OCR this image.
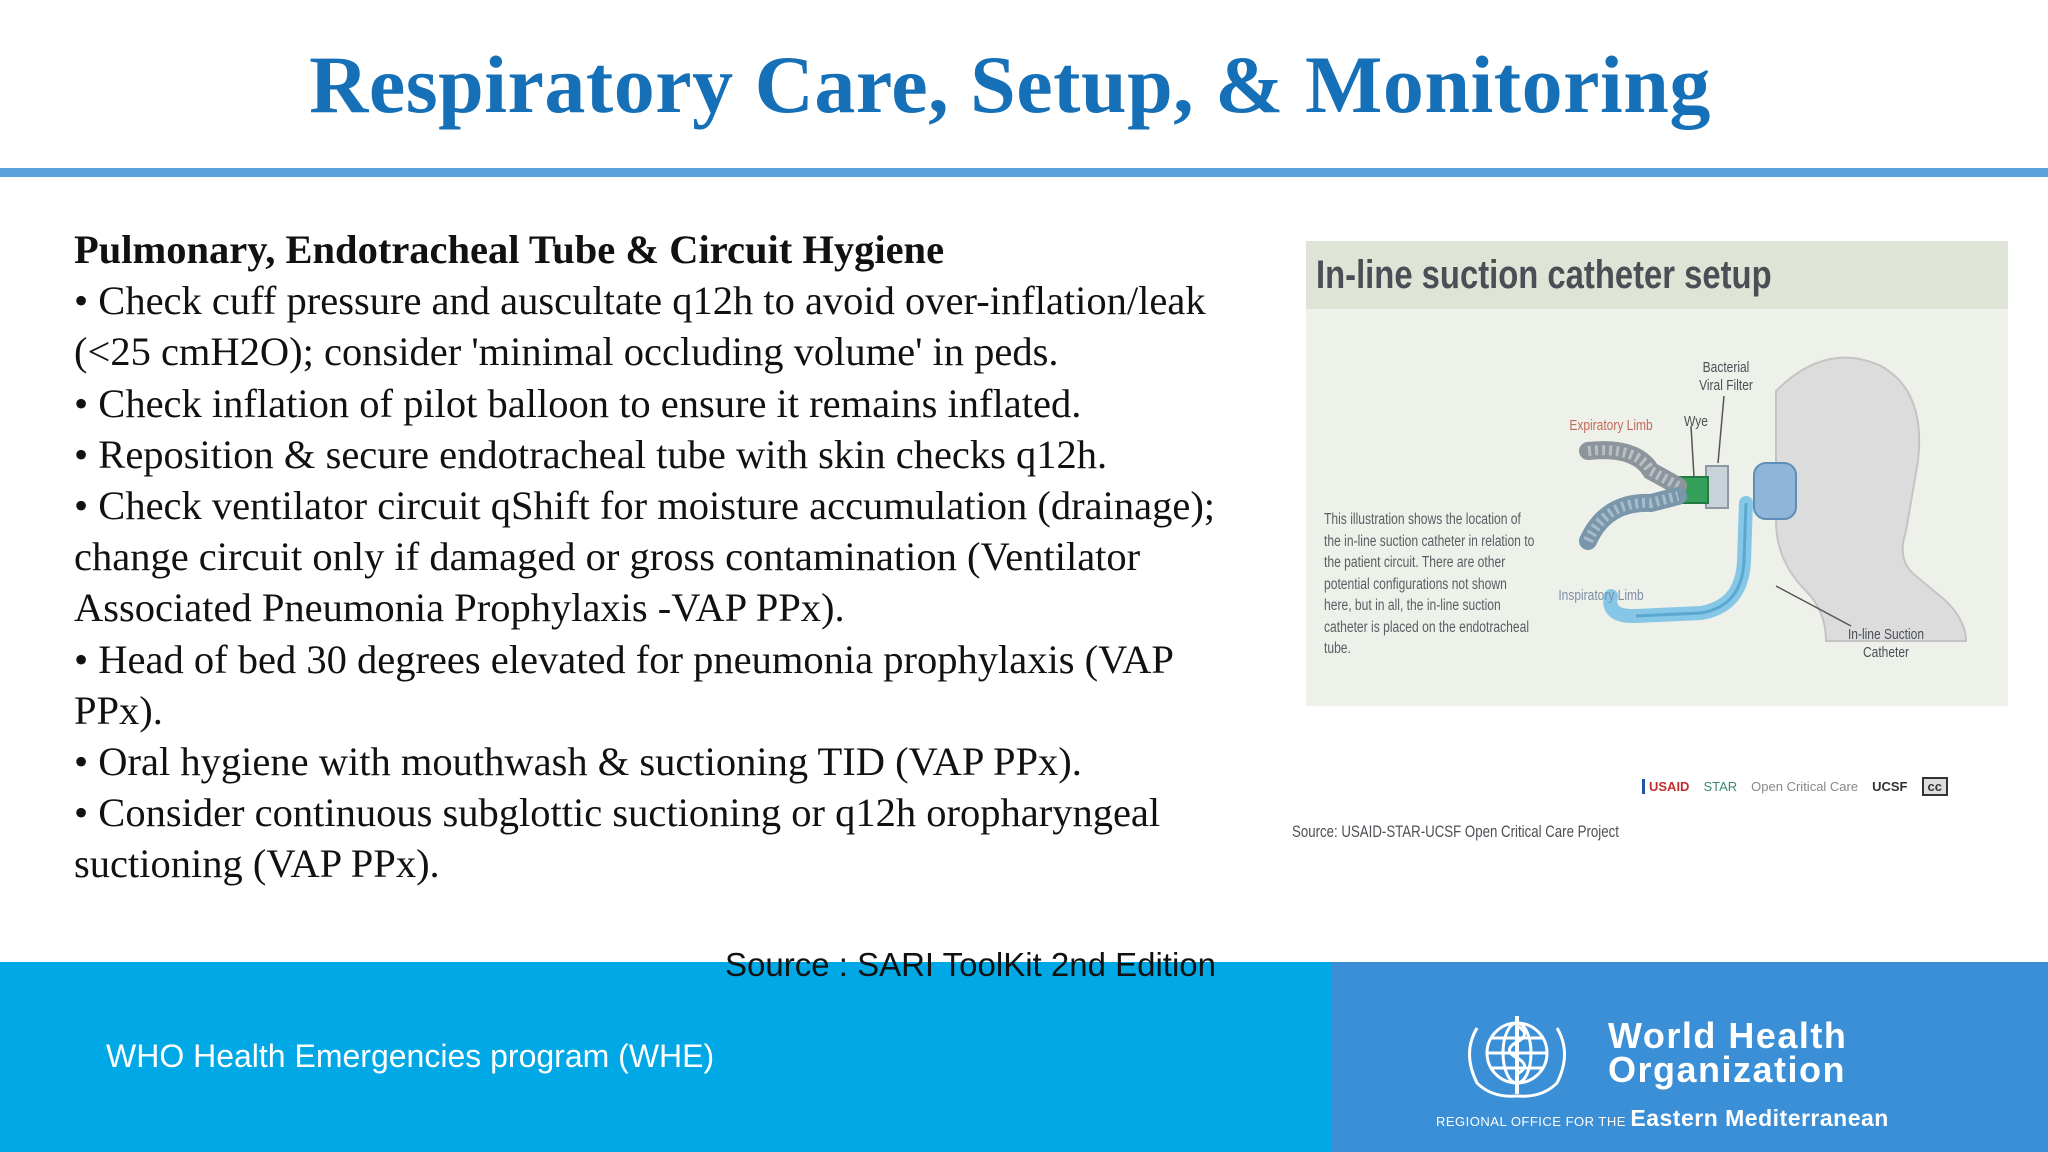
Respiratory Care, Setup, & Monitoring
Pulmonary, Endotracheal Tube & Circuit Hygiene
• Check cuff pressure and auscultate q12h to avoid over-inflation/leak
(<25 cmH2O); consider 'minimal occluding volume' in peds.
• Check inflation of pilot balloon to ensure it remains inflated.
• Reposition & secure endotracheal tube with skin checks q12h.
• Check ventilator circuit qShift for moisture accumulation (drainage);
change circuit only if damaged or gross contamination (Ventilator
Associated Pneumonia Prophylaxis -VAP PPx).
• Head of bed 30 degrees elevated for pneumonia prophylaxis (VAP
PPx).
• Oral hygiene with mouthwash & suctioning TID (VAP PPx).
• Consider continuous subglottic suctioning or q12h oropharyngeal
suctioning (VAP PPx).
In-line suction catheter setup
Bacterial Viral Filter
Expiratory Limb Wye
Inspiratory Limb
In-line Suction Catheter
This illustration shows the location of the in-line suction catheter in relation to the patient circuit. There are other potential configurations not shown here, but in all, the in-line suction catheter is placed on the endotracheal tube.
USAID STAR Open Critical Care UCSF	cc
Source: USAID-STAR-UCSF Open Critical Care Project
Source : SARI ToolKit 2nd Edition
WHO Health Emergencies program (WHE)	World Health
Organization
REGIONAL OFFICE FOR THE Eastern Mediterranean
